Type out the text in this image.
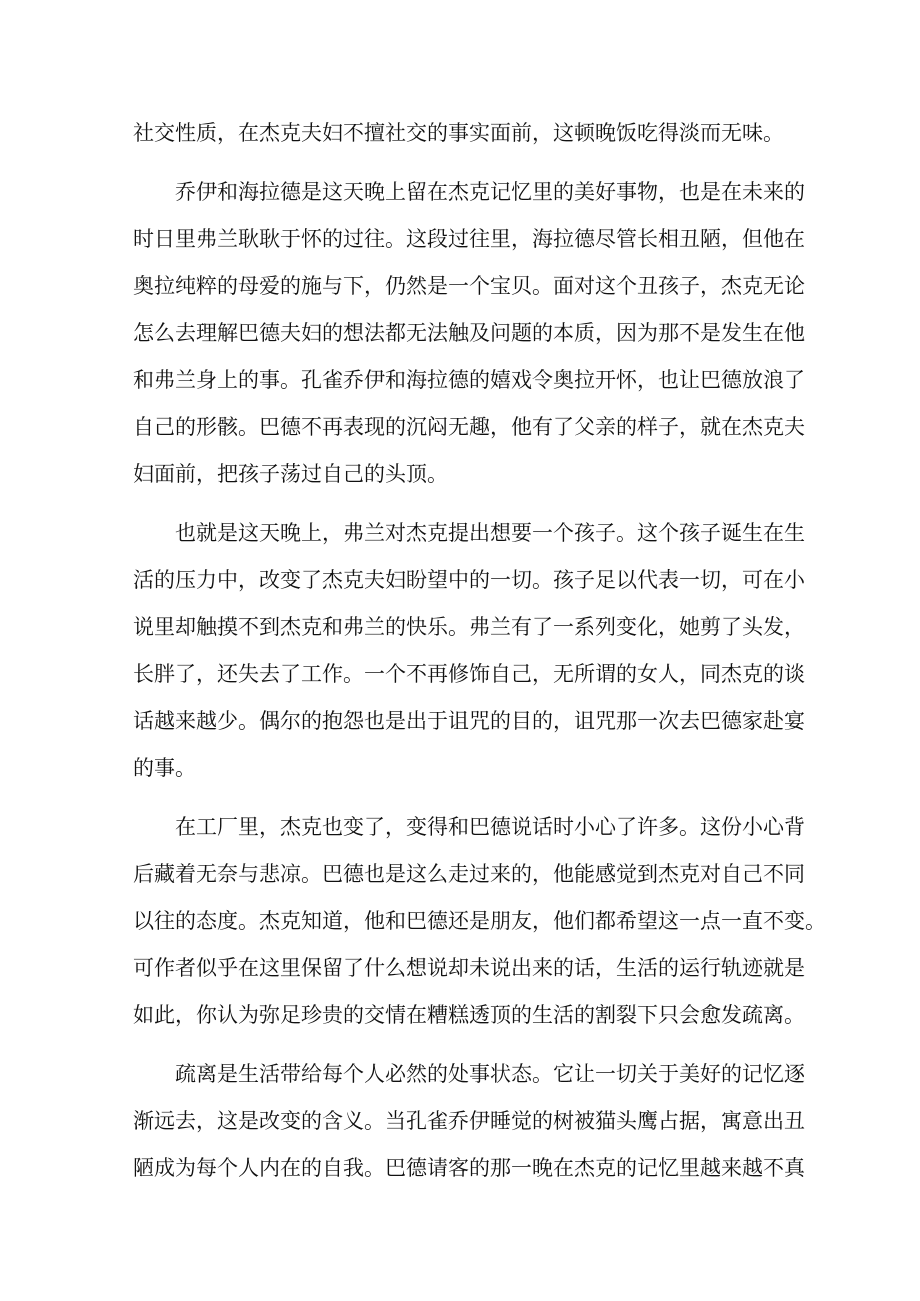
社交性质，在杰克夫妇不擅社交的事实面前，这顿晚饭吃得淡而无味。
乔伊和海拉德是这天晚上留在杰克记忆里的美好事物，也是在未来的
时日里弗兰耿耿于怀的过往。这段过往里，海拉德尽管长相丑陋，但他在
奥拉纯粹的母爱的施与下，仍然是一个宝贝。面对这个丑孩子，杰克无论
怎么去理解巴德夫妇的想法都无法触及问题的本质，因为那不是发生在他
和弗兰身上的事。孔雀乔伊和海拉德的嬉戏令奥拉开怀，也让巴德放浪了
自己的形骸。巴德不再表现的沉闷无趣，他有了父亲的样子，就在杰克夫
妇面前，把孩子荡过自己的头顶。
也就是这天晚上，弗兰对杰克提出想要一个孩子。这个孩子诞生在生
活的压力中，改变了杰克夫妇盼望中的一切。孩子足以代表一切，可在小
说里却触摸不到杰克和弗兰的快乐。弗兰有了一系列变化，她剪了头发，
长胖了，还失去了工作。一个不再修饰自己，无所谓的女人，同杰克的谈
话越来越少。偶尔的抱怨也是出于诅咒的目的，诅咒那一次去巴德家赴宴
的事。
在工厂里，杰克也变了，变得和巴德说话时小心了许多。这份小心背
后藏着无奈与悲凉。巴德也是这么走过来的，他能感觉到杰克对自己不同
以往的态度。杰克知道，他和巴德还是朋友，他们都希望这一点一直不变。
可作者似乎在这里保留了什么想说却未说出来的话，生活的运行轨迹就是
如此，你认为弥足珍贵的交情在糟糕透顶的生活的割裂下只会愈发疏离。
疏离是生活带给每个人必然的处事状态。它让一切关于美好的记忆逐
渐远去，这是改变的含义。当孔雀乔伊睡觉的树被猫头鹰占据，寓意出丑
陋成为每个人内在的自我。巴德请客的那一晚在杰克的记忆里越来越不真
